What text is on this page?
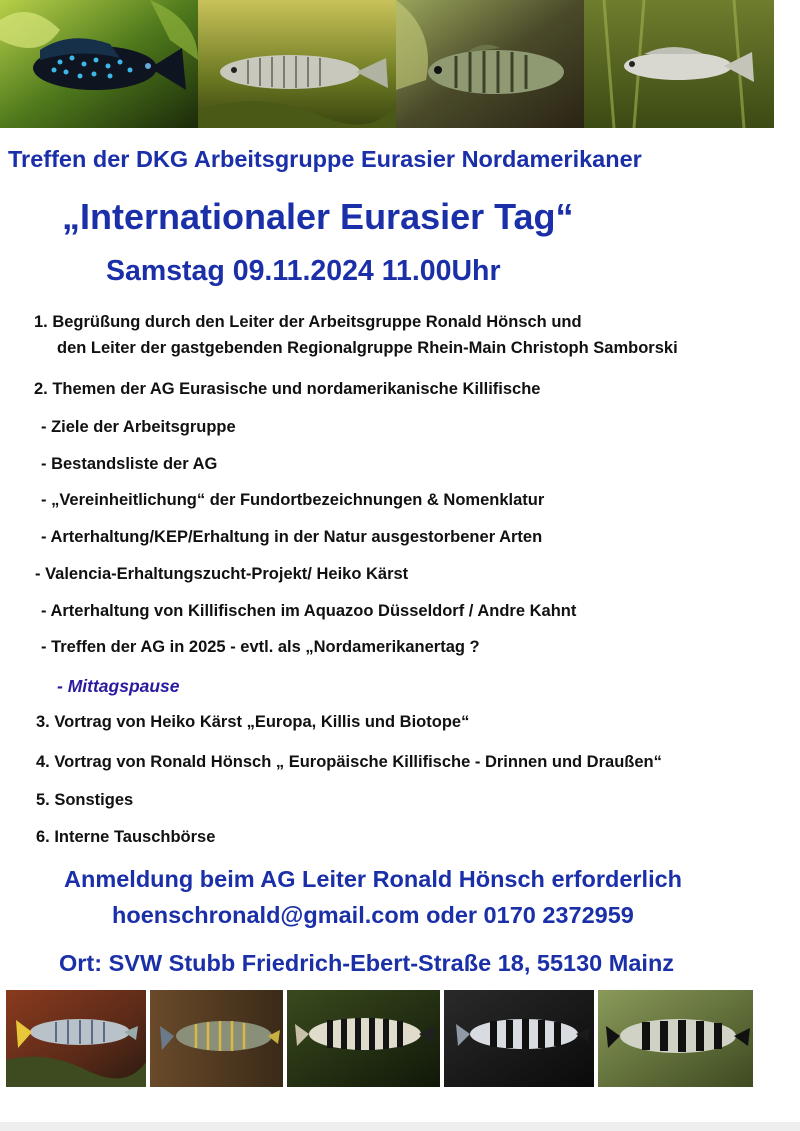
Treffen der DKG Arbeitsgruppe Eurasier Nordamerikaner
„Internationaler Eurasier Tag“
Samstag 09.11.2024 11.00Uhr
1. Begrüßung durch den Leiter der Arbeitsgruppe Ronald Hönsch und
den Leiter der gastgebenden Regionalgruppe Rhein-Main Christoph Samborski
2. Themen der AG Eurasische und nordamerikanische Killifische
- Ziele der Arbeitsgruppe
- Bestandsliste der AG
- „Vereinheitlichung“ der Fundortbezeichnungen & Nomenklatur
- Arterhaltung/KEP/Erhaltung in der Natur ausgestorbener Arten
- Valencia-Erhaltungszucht-Projekt/ Heiko Kärst
- Arterhaltung von Killifischen im Aquazoo Düsseldorf / Andre Kahnt
- Treffen der AG in 2025 - evtl. als „Nordamerikanertag ?
- Mittagspause
3. Vortrag von Heiko Kärst „Europa, Killis und Biotope“
4. Vortrag von Ronald Hönsch „ Europäische Killifische - Drinnen und Draußen“
5. Sonstiges
6. Interne Tauschbörse
Anmeldung beim AG Leiter Ronald Hönsch erforderlich
hoenschronald@gmail.com oder 0170 2372959
Ort: SVW Stubb Friedrich-Ebert-Straße 18, 55130 Mainz
